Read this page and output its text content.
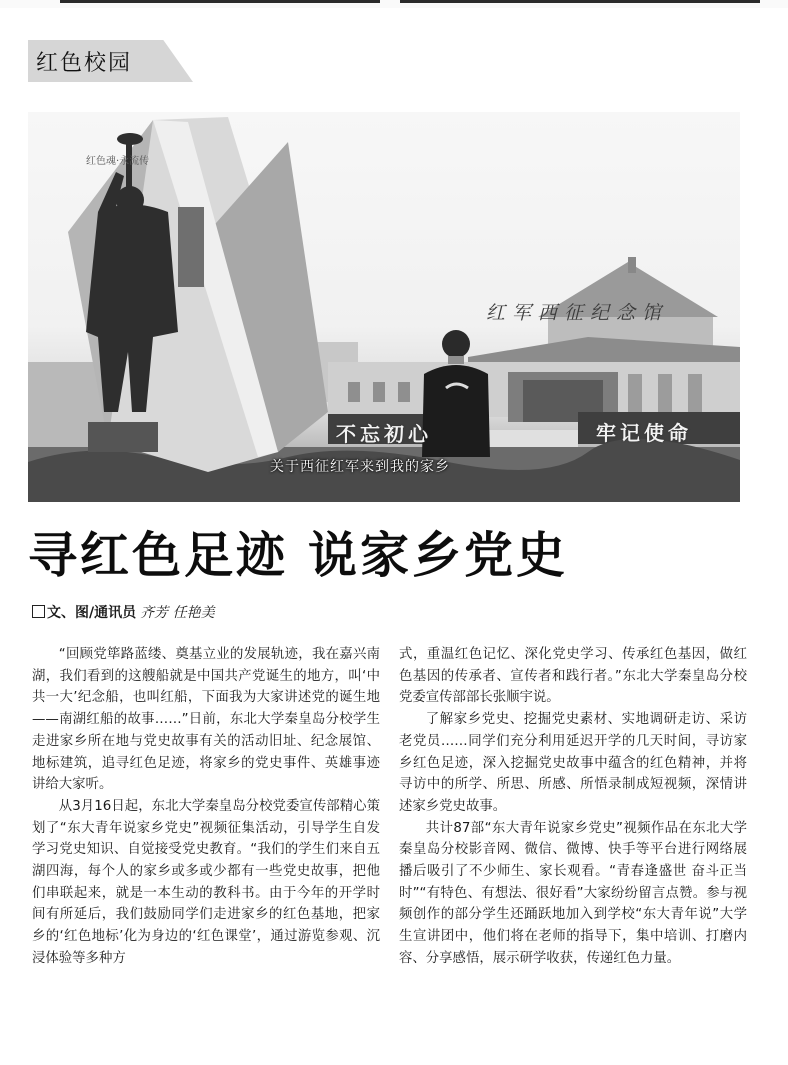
红色校园
红色魂·永流传
红军西征纪念馆
不忘初心	牢记使命
关于西征红军来到我的家乡
寻红色足迹 说家乡党史
文、图/通讯员 齐芳 任艳美

“回顾党筚路蓝缕、奠基立业的发展轨迹，我在嘉兴南湖，我们看到的这艘船就是中国共产党诞生的地方，叫‘中共一大’纪念船，也叫红船，下面我为大家讲述党的诞生地——南湖红船的故事……”日前，东北大学秦皇岛分校学生走进家乡所在地与党史故事有关的活动旧址、纪念展馆、地标建筑，追寻红色足迹，将家乡的党史事件、英雄事迹讲给大家听。

从3月16日起，东北大学秦皇岛分校党委宣传部精心策划了“东大青年说家乡党史”视频征集活动，引导学生自发学习党史知识、自觉接受党史教育。“我们的学生们来自五湖四海，每个人的家乡或多或少都有一些党史故事，把他们串联起来，就是一本生动的教科书。由于今年的开学时间有所延后，我们鼓励同学们走进家乡的红色基地，把家乡的‘红色地标’化为身边的‘红色课堂’，通过游览参观、沉浸体验等多种方

式，重温红色记忆、深化党史学习、传承红色基因，做红色基因的传承者、宣传者和践行者。”东北大学秦皇岛分校党委宣传部部长张顺宇说。

了解家乡党史、挖掘党史素材、实地调研走访、采访老党员……同学们充分利用延迟开学的几天时间，寻访家乡红色足迹，深入挖掘党史故事中蕴含的红色精神，并将寻访中的所学、所思、所感、所悟录制成短视频，深情讲述家乡党史故事。

共计87部“东大青年说家乡党史”视频作品在东北大学秦皇岛分校影音网、微信、微博、快手等平台进行网络展播后吸引了不少师生、家长观看。“青春逢盛世 奋斗正当时”“有特色、有想法、很好看”大家纷纷留言点赞。参与视频创作的部分学生还踊跃地加入到学校“东大青年说”大学生宣讲团中，他们将在老师的指导下，集中培训、打磨内容、分享感悟，展示研学收获，传递红色力量。
